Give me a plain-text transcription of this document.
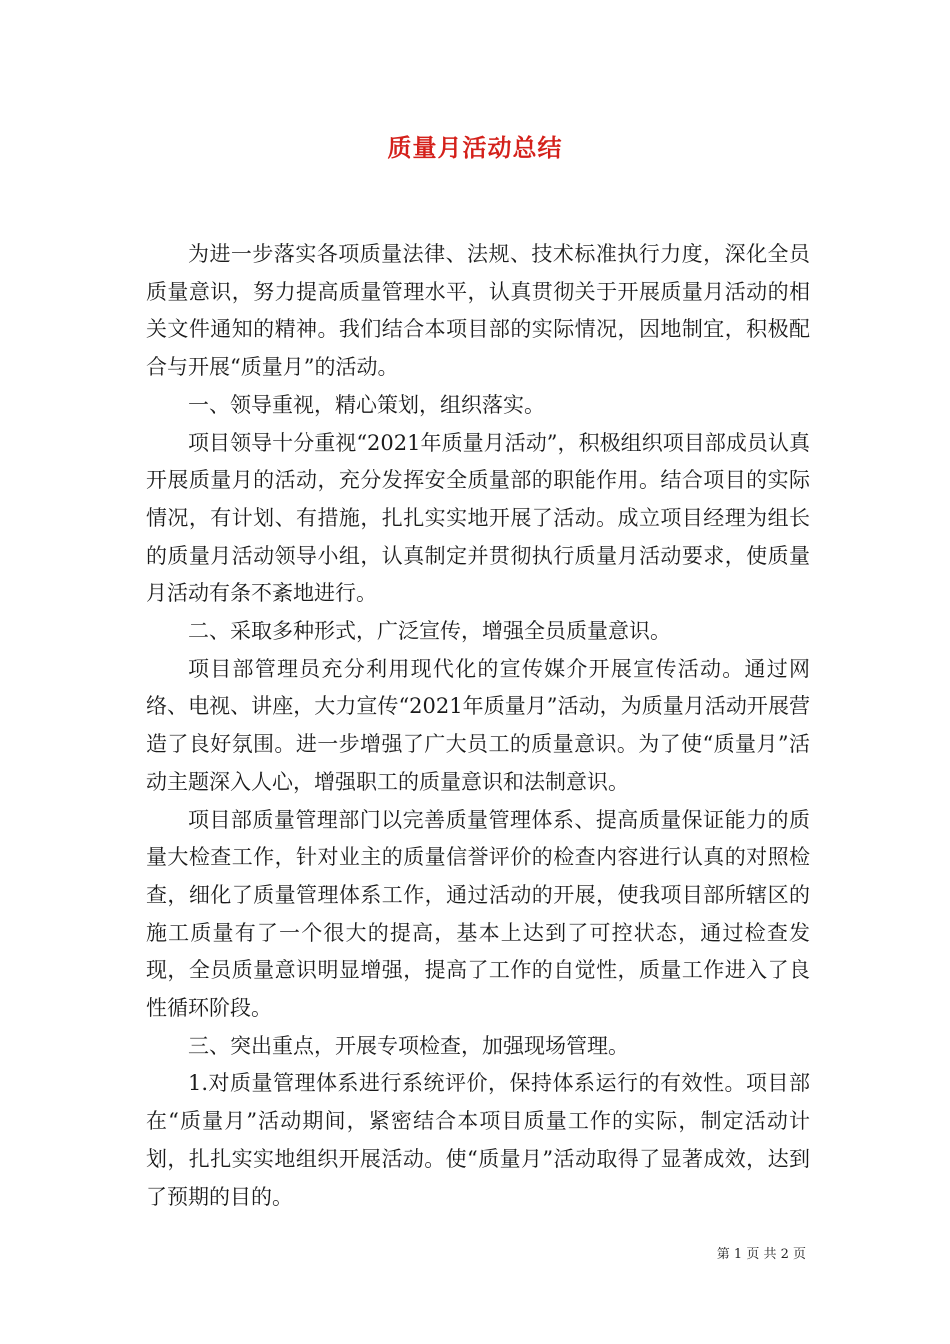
质量月活动总结

为进一步落实各项质量法律、法规、技术标准执行力度，深化全员质量意识，努力提高质量管理水平，认真贯彻关于开展质量月活动的相关文件通知的精神。我们结合本项目部的实际情况，因地制宜，积极配合与开展“质量月”的活动。

一、领导重视，精心策划，组织落实。

项目领导十分重视“2021年质量月活动”，积极组织项目部成员认真开展质量月的活动，充分发挥安全质量部的职能作用。结合项目的实际情况，有计划、有措施，扎扎实实地开展了活动。成立项目经理为组长的质量月活动领导小组，认真制定并贯彻执行质量月活动要求，使质量月活动有条不紊地进行。

二、采取多种形式，广泛宣传，增强全员质量意识。

项目部管理员充分利用现代化的宣传媒介开展宣传活动。通过网络、电视、讲座，大力宣传“2021年质量月”活动，为质量月活动开展营造了良好氛围。进一步增强了广大员工的质量意识。为了使“质量月”活动主题深入人心，增强职工的质量意识和法制意识。

项目部质量管理部门以完善质量管理体系、提高质量保证能力的质量大检查工作，针对业主的质量信誉评价的检查内容进行认真的对照检查，细化了质量管理体系工作，通过活动的开展，使我项目部所辖区的施工质量有了一个很大的提高，基本上达到了可控状态，通过检查发现，全员质量意识明显增强，提高了工作的自觉性，质量工作进入了良性循环阶段。

三、突出重点，开展专项检查，加强现场管理。

1.对质量管理体系进行系统评价，保持体系运行的有效性。项目部在“质量月”活动期间，紧密结合本项目质量工作的实际，制定活动计划，扎扎实实地组织开展活动。使“质量月”活动取得了显著成效，达到了预期的目的。

第 1 页 共 2 页
